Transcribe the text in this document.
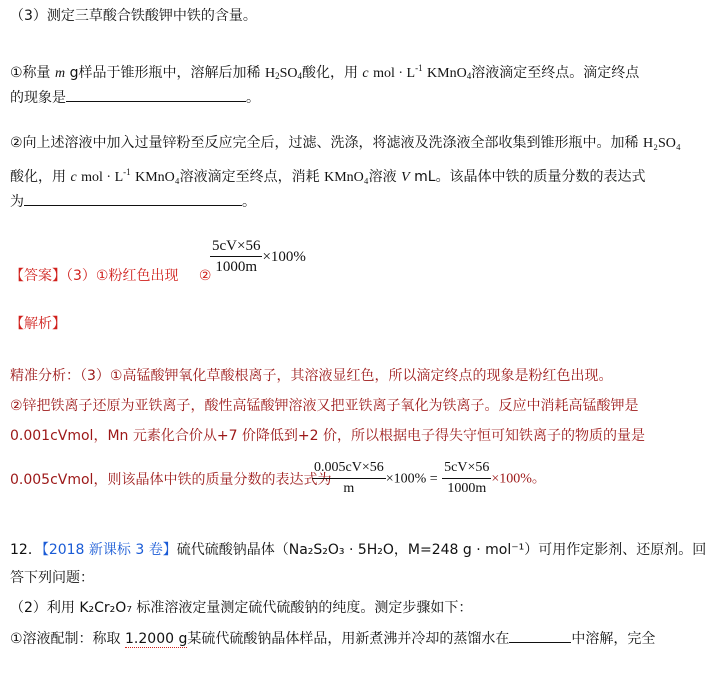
（3）测定三草酸合铁酸钾中铁的含量。
①称量 m g样品于锥形瓶中，溶解后加稀 $H_2SO_4$酸化，用 c mol · $L^{-1}$ KMnO$_4$溶液滴定至终点。滴定终点
的现象是	。
②向上述溶液中加入过量锌粉至反应完全后，过滤、洗涤，将滤液及洗涤液全部收集到锥形瓶中。加稀 H₂SO₄
酸化，用 c mol · $L^{-1}$ KMnO₄溶液滴定至终点，消耗 KMnO₄溶液 V mL。该晶体中铁的质量分数的表达式
为	。
【答案】（3）①粉红色出现 ②
$\frac{5cV\times 56}{1000m} \times 100\%$
【解析】
精准分析：（3）①高锰酸钾氧化草酸根离子，其溶液显红色，所以滴定终点的现象是粉红色出现。
②锌把铁离子还原为亚铁离子，酸性高锰酸钾溶液又把亚铁离子氧化为铁离子。反应中消耗高锰酸钾是
0.001cVmol，Mn 元素化合价从+7 价降低到+2 价，所以根据电子得失守恒可知铁离子的物质的量是
0.005cVmol，则该晶体中铁的质量分数的表达式为
$\frac{0.005cV\times 56}{m} \times 100\% = \frac{5cV\times 56}{1000m} \times 100\%$。
12．【2018 新课标 3 卷】硫代硫酸钠晶体（Na₂S₂O₃ · 5H₂O，M=248 g · mol⁻¹）可用作定影剂、还原剂。回
答下列问题：
（2）利用 K₂Cr₂O₇ 标准溶液定量测定硫代硫酸钠的纯度。测定步骤如下：
①溶液配制：称取 1.2000 g某硫代硫酸钠晶体样品，用新煮沸并冷却的蒸馏水在	中溶解，完全
